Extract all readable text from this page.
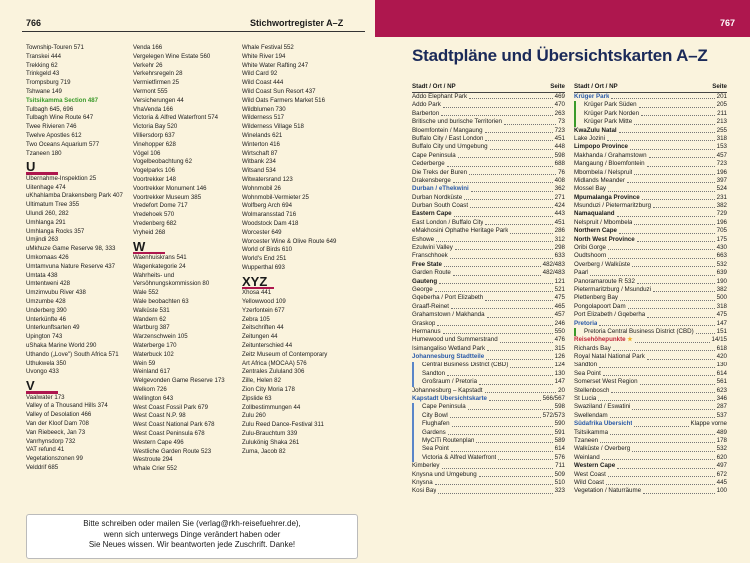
766	Stichwortregister A–Z	767
Stadtpläne und Übersichtskarten A–Z
Township-Touren 571
Transkei 444
Trekking 62
Trinkgeld 43
Trompsburg 719
Tshwane 149
Tsitsikamma Section 487
Tulbagh 645, 696
Tulbagh Wine Route 647
Twee Rivieren 746
Twelve Apostles 612
Two Oceans Aquarium 577
Tzaneen 180
U
Übernahme-Inspektion 25
Uitenhage 474
uKhahlamba Drakensberg Park 407
Ultimatum Tree 355
Ulundi 260, 282
Umhlanga 291
Umhlanga Rocks 357
Umjindi 263
uMkhuze Game Reserve 98, 333
Umkomaas 426
Umtamvuna Nature Reserve 437
Umtata 438
Umtentweni 428
Umzimvubu River 438
Umzumbe 428
Underberg 390
Unterkünfte 46
Unterkunftsarten 49
Upington 743
uShaka Marine World 290
Uthando („Love") South Africa 571
Uthukwela 350
Uvongo 433
V
Vaalwater 173
Valley of a Thousand Hills 374
Valley of Desolation 466
Van der Kloof Dam 708
Van Riebeeck, Jan 73
Vanrhynsdorp 732
VAT refund 41
Vegetationszonen 99
Velddrif 685
Venda 166
Vergelegen Wine Estate 560
Verkehr 26
Verkehrsregeln 28
Vermietfirmen 25
Vermont 555
Versicherungen 44
VhaVenda 166
Victoria & Alfred Waterfront 574
Victoria Bay 520
Villiersdorp 637
Vinehopper 628
Vögel 106
Vogelbeobachtung 62
Vogelparks 106
Voortrekker 148
Voortrekker Monument 146
Voortrekker Museum 385
Vredefort Dome 717
Vredehoek 570
Vredenberg 682
Vryheid 268
W
Waenhuiskrans 541
Wagenkategorie 24
Wahrheits- und
Versöhnungskommission 80
Wale 552
Wale beobachten 63
Walküste 531
Wandern 62
Wartburg 387
Warzenschwein 105
Waterberge 170
Waterbuck 102
Wein 59
Weinland 617
Welgevonden Game Reserve 173
Welkom 726
Wellington 643
West Coast Fossil Park 679
West Coast N.P. 98
West Coast National Park 678
West Coast Peninsula 678
Western Cape 496
Westliche Garden Route 523
Westroute 294
Whale Crier 552
Whale Festival 552
White River 194
White Water Rafting 247
Wild Card 92
Wild Coast 444
Wild Coast Sun Resort 437
Wild Oats Farmers Market 516
Wildblumen 730
Wilderness 517
Wilderness Village 518
Winelands 621
Winterton 416
Wirtschaft 87
Witbank 234
Witsand 534
Witwatersrand 123
Wohnmobil 26
Wohnmobil-Vermieter 25
Wolfberg Arch 694
Wolmaransstad 716
Woodstock Dam 418
Worcester 649
Worcester Wine & Olive Route 649
World of Birds 610
World's End 251
Wupperthal 693
XYZ
Xhosa 441
Yellowwood 109
Yzerfontein 677
Zebra 105
Zeitschriften 44
Zeitungen 44
Zeitunterschied 44
Zeitz Museum of Contemporary
Art Africa (MOCAA) 576
Zentrales Zululand 306
Zille, Helen 82
Zion City Moria 178
Zipslide 63
Zollbestimmungen 44
Zulu 260
Zulu Reed Dance-Festival 311
Zulu-Brauchtum 339
Zulukönig Shaka 261
Zuma, Jacob 82
Stadt / Ort / NP	Seite Stadt / Ort / NP	Seite
Addo Elephant Park	469
Addo Park	470
Barberton	263
Britische und burische Territorien	73
Bloemfontein / Mangaung	723
Buffalo City / East London	451
Buffalo City und Umgebung	448
Cape Peninsula	598
Cederberge	688
Die Treks der Buren	76
Drakensberge	408
Durban / eThekwini	362
Durban Nordküste	271
Durban South Coast	424
Eastern Cape	443
East London / Buffalo City	451
eMakhosini Ophathe Heritage Park	286
Eshowe	312
Ezulwini Valley	298
Franschhoek	633
Free State	482/483
Garden Route	482/483
Gauteng	121
George	521
Gqeberha / Port Elizabeth	475
Graaff-Reinet	465
Grahamstown / Makhanda	457
Graskop	246
Hermanus	550
Humewood und Summerstrand	476
Isimangaliso Wetland Park	315
Johannesburg Stadtteile	126
Central Business District (CBD)	124
Sandton	130
Großraum / Pretoria	147
Johannesburg – Kapstadt	20
Kapstadt Übersichtskarte	566/567
Cape Peninsula	598
City Bowl	572/573
Flughafen	590
Gardens	591
MyCiTi Routenplan	589
Sea Point	614
Victoria & Alfred Waterfront	576
Kimberley	711
Knysna und Umgebung	509
Knysna	510
Kosi Bay	323
Krüger Park	201
Krüger Park Süden	205
Krüger Park Norden	211
Krüger Park Mitte	213
KwaZulu Natal	255
Lake Jozini	318
Limpopo Province	153
Makhanda / Grahamstown	457
Mangaung / Bloemfontein	723
Mbombela / Nelspruit	196
Midlands Meander	397
Mossel Bay	524
Mpumalanga Province	231
Msunduzi / Pietermaritzburg	382
Namaqualand	729
Nelspruit / Mbombela	196
Northern Cape	705
North West Province	175
Oribi Gorge	430
Oudtshoorn	663
Overberg / Walküste	532
Paarl	639
Panoramaroute R 532	190
Pietermaritzburg / Msunduzi	382
Plettenberg Bay	500
Pongolapoort Dam	318
Port Elizabeth / Gqeberha	475
Pretoria	147
Pretoria Central Business District (CBD)	151
Reisehöhepunkte ★	14/15
Richards Bay	618
Royal Natal National Park	420
Sandton	130
Sea Point	614
Somerset West Region	561
Stellenbosch	623
St Lucia	346
Swaziland / Eswatini	287
Swellendam	537
Südafrika Übersicht	Klappe vorne
Tsitsikamma	489
Tzaneen	178
Walküste / Overberg	532
Weinland	620
Western Cape	497
West Coast	672
Wild Coast	445
Vegetation / Naturräume	100
Bitte schreiben oder mailen Sie (verlag@rkh-reisefuehrer.de),
wenn sich unterwegs Dinge verändert haben oder
Sie Neues wissen. Wir beantworten jede Zuschrift. Danke!
